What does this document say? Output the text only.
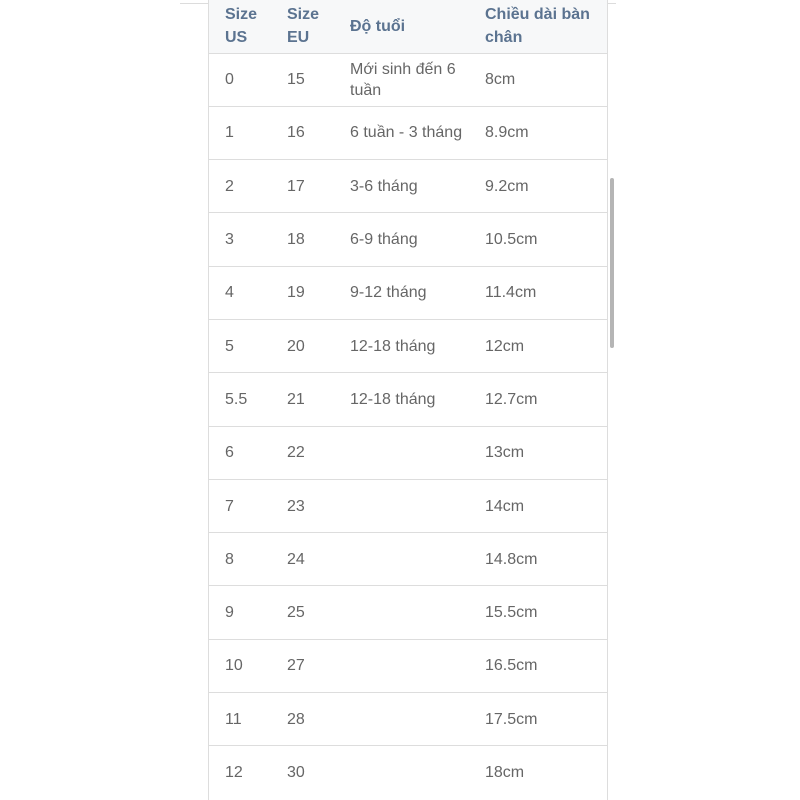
Size US	Size EU	Độ tuổi	Chiều dài bàn chân
0	15	Mới sinh đến 6 tuần	8cm
1	16	6 tuần - 3 tháng	8.9cm
2	17	3-6 tháng	9.2cm
3	18	6-9 tháng	10.5cm
4	19	9-12 tháng	11.4cm
5	20	12-18 tháng	12cm
5.5	21	12-18 tháng	12.7cm
6	22		13cm
7	23		14cm
8	24		14.8cm
9	25		15.5cm
10	27		16.5cm
11	28		17.5cm
12	30		18cm
